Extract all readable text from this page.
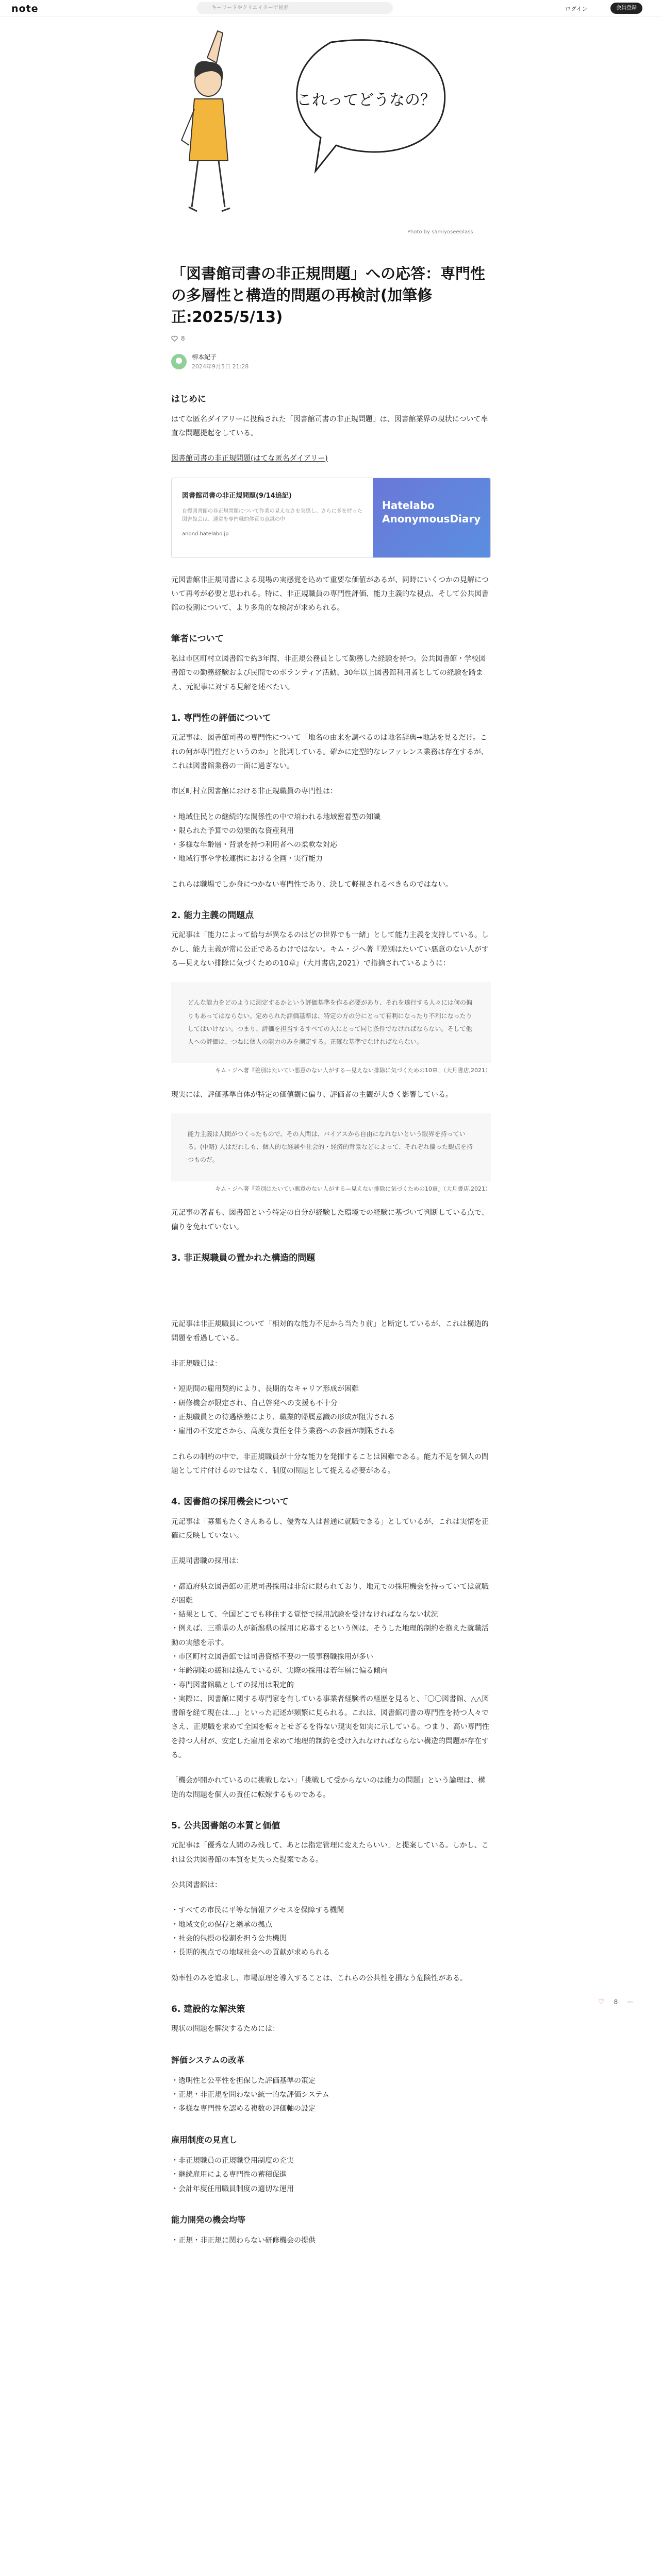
note	キーワードやクリエイターで検索	ログイン	会員登録
これってどうなの？
Photo by samiyoseeGlass
「図書館司書の非正規問題」への応答：専門性の多層性と構造的問題の再検討(加筆修正:2025/5/13)
8
柳本紀子
2024年9月5日 21:28
はじめに

はてな匿名ダイアリーに投稿された「図書館司書の非正規問題」は、図書館業界の現状について率直な問題提起をしている。

図書館司書の非正規問題(はてな匿名ダイアリー)

図書館司書の非正規問題(9/14追記)
自慢図書館の非正規問題について作業の見えなさを実感し、さらに多を持った図書館会は、通常を専門職的体質の意識の中
anond.hatelabo.jp
Hatelabo AnonymousDiary

元図書館非正規司書による現場の実感覚を込めて重要な価値があるが、同時にいくつかの見解について再考が必要と思われる。特に、非正規職員の専門性評価、能力主義的な視点、そして公共図書館の役割について、より多角的な検討が求められる。

筆者について

私は市区町村立図書館で約3年間、非正規公務員として勤務した経験を持つ。公共図書館・学校図書館での勤務経験および民間でのボランティア活動、30年以上図書館利用者としての経験を踏まえ、元記事に対する見解を述べたい。

1. 専門性の評価について

元記事は、図書館司書の専門性について「地名の由来を調べるのは地名辞典→地誌を見るだけ。これの何が専門性だというのか」と批判している。確かに定型的なレファレンス業務は存在するが、これは図書館業務の一面に過ぎない。

市区町村立図書館における非正規職員の専門性は：

・地域住民との継続的な関係性の中で培われる地域密着型の知識
・限られた予算での効果的な資産利用
・多様な年齢層・背景を持つ利用者への柔軟な対応
・地域行事や学校連携における企画・実行能力

これらは職場でしか身につかない専門性であり、決して軽視されるべきものではない。

2. 能力主義の問題点

元記事は「能力によって給与が異なるのはどの世界でも一緒」として能力主義を支持している。しかし、能力主義が常に公正であるわけではない。キム・ジヘ著『差別はたいてい悪意のない人がする—見えない排除に気づくための10章』（大月書店,2021）で指摘されているように：

どんな能力をどのように測定するかという評価基準を作る必要があり、それを遂行する人々には何の偏りもあってはならない。定められた評価基準は、特定の方の分にとって有利になったり不利になったりしてはいけない。つまり、評価を担当するすべての人にとって同じ条件でなければならない。そして他人への評価は、つねに個人の能力のみを測定する。正確な基準でなければならない。
キム・ジヘ著『差別はたいてい悪意のない人がする—見えない排除に気づくための10章』（大月書店,2021）

現実には、評価基準自体が特定の価値観に偏り、評価者の主観が大きく影響している。

能力主義は人間がつくったもので、その人間は、バイアスから自由になれないという限界を持っている。(中略) 人はだれしも、個人的な経験や社会的・経済的背景などによって、それぞれ偏った観点を持つものだ。
キム・ジヘ著『差別はたいてい悪意のない人がする—見えない排除に気づくための10章』（大月書店,2021）

元記事の著者も、図書館という特定の自分が経験した環境での経験に基づいて判断している点で、偏りを免れていない。

3. 非正規職員の置かれた構造的問題

元記事は非正規職員について「相対的な能力不足から当たり前」と断定しているが、これは構造的問題を看過している。

非正規職員は：

・短期間の雇用契約により、長期的なキャリア形成が困難
・研修機会が限定され、自己啓発への支援も不十分
・正規職員との待遇格差により、職業的帰属意識の形成が阻害される
・雇用の不安定さから、高度な責任を伴う業務への参画が制限される

これらの制約の中で、非正規職員が十分な能力を発揮することは困難である。能力不足を個人の問題として片付けるのではなく、制度の問題として捉える必要がある。

4. 図書館の採用機会について

元記事は「募集もたくさんあるし、優秀な人は普通に就職できる」としているが、これは実情を正確に反映していない。

正規司書職の採用は：

・都道府県立図書館の正規司書採用は非常に限られており、地元での採用機会を持っていては就職が困難
・結果として、全国どこでも移住する覚悟で採用試験を受けなければならない状況
・例えば、三重県の人が新潟県の採用に応募するという例は、そうした地理的制約を抱えた就職活動の実態を示す。
・市区町村立図書館では司書資格不要の一般事務職採用が多い
・年齢制限の緩和は進んでいるが、実際の採用は若年層に偏る傾向
・専門図書館職としての採用は限定的
・実際に、図書館に関する専門家を有している事業者経験者の経歴を見ると、「〇〇図書館、△△図書館を経て現在は…」といった記述が頻繁に見られる。これは、図書館司書の専門性を持つ人々でさえ、正規職を求めて全国を転々とせざるを得ない現実を如実に示している。つまり、高い専門性を持つ人材が、安定した雇用を求めて地理的制約を受け入れなければならない構造的問題が存在する。

「機会が開かれているのに挑戦しない」「挑戦して受からないのは能力の問題」という論理は、構造的な問題を個人の責任に転嫁するものである。

5. 公共図書館の本質と価値

元記事は「優秀な人間のみ残して、あとは指定管理に変えたらいい」と提案している。しかし、これは公共図書館の本質を見失った提案である。

公共図書館は：

・すべての市民に平等な情報アクセスを保障する機関
・地域文化の保存と継承の拠点
・社会的包摂の役割を担う公共機関
・長期的視点での地域社会への貢献が求められる

効率性のみを追求し、市場原理を導入することは、これらの公共性を損なう危険性がある。

6. 建設的な解決策

現状の問題を解決するためには：

評価システムの改革
・透明性と公平性を担保した評価基準の策定
・正規・非正規を問わない統一的な評価システム
・多様な専門性を認める複数の評価軸の設定
雇用制度の見直し
・非正規職員の正規職登用制度の充実
・継続雇用による専門性の蓄積促進
・会計年度任用職員制度の適切な運用
能力開発の機会均等
・正規・非正規に関わらない研修機会の提供
♡ 8 ···
